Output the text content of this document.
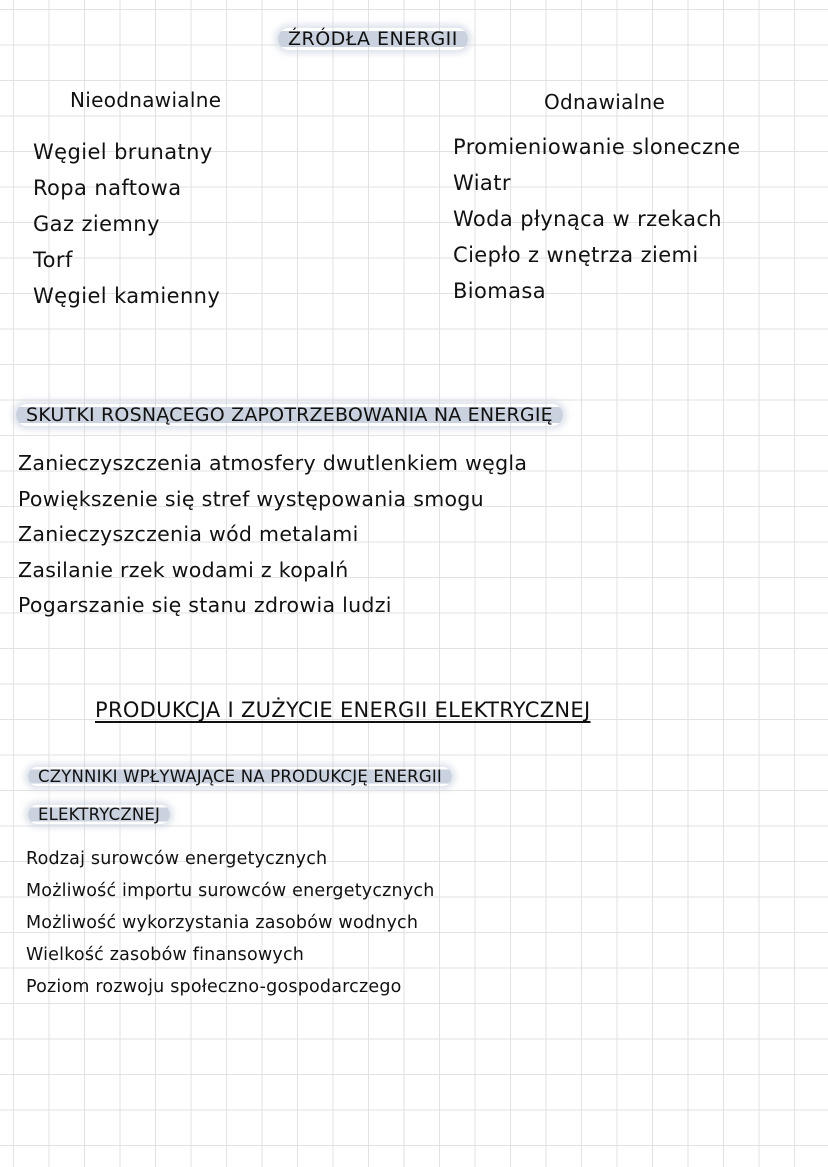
ŹRÓDŁA ENERGII
Nieodnawialne	Odnawialne
Węgiel brunatny
Ropa naftowa
Gaz ziemny
Torf
Węgiel kamienny
Promieniowanie sloneczne
Wiatr
Woda płynąca w rzekach
Ciepło z wnętrza ziemi
Biomasa
SKUTKI ROSNĄCEGO ZAPOTRZEBOWANIA NA ENERGIĘ
Zanieczyszczenia atmosfery dwutlenkiem węgla
Powiększenie się stref występowania smogu
Zanieczyszczenia wód metalami
Zasilanie rzek wodami z kopalń
Pogarszanie się stanu zdrowia ludzi
PRODUKCJA I ZUŻYCIE ENERGII ELEKTRYCZNEJ
CZYNNIKI WPŁYWAJĄCE NA PRODUKCJĘ ENERGII
ELEKTRYCZNEJ
Rodzaj surowców energetycznych
Możliwość importu surowców energetycznych
Możliwość wykorzystania zasobów wodnych
Wielkość zasobów finansowych
Poziom rozwoju społeczno-gospodarczego
